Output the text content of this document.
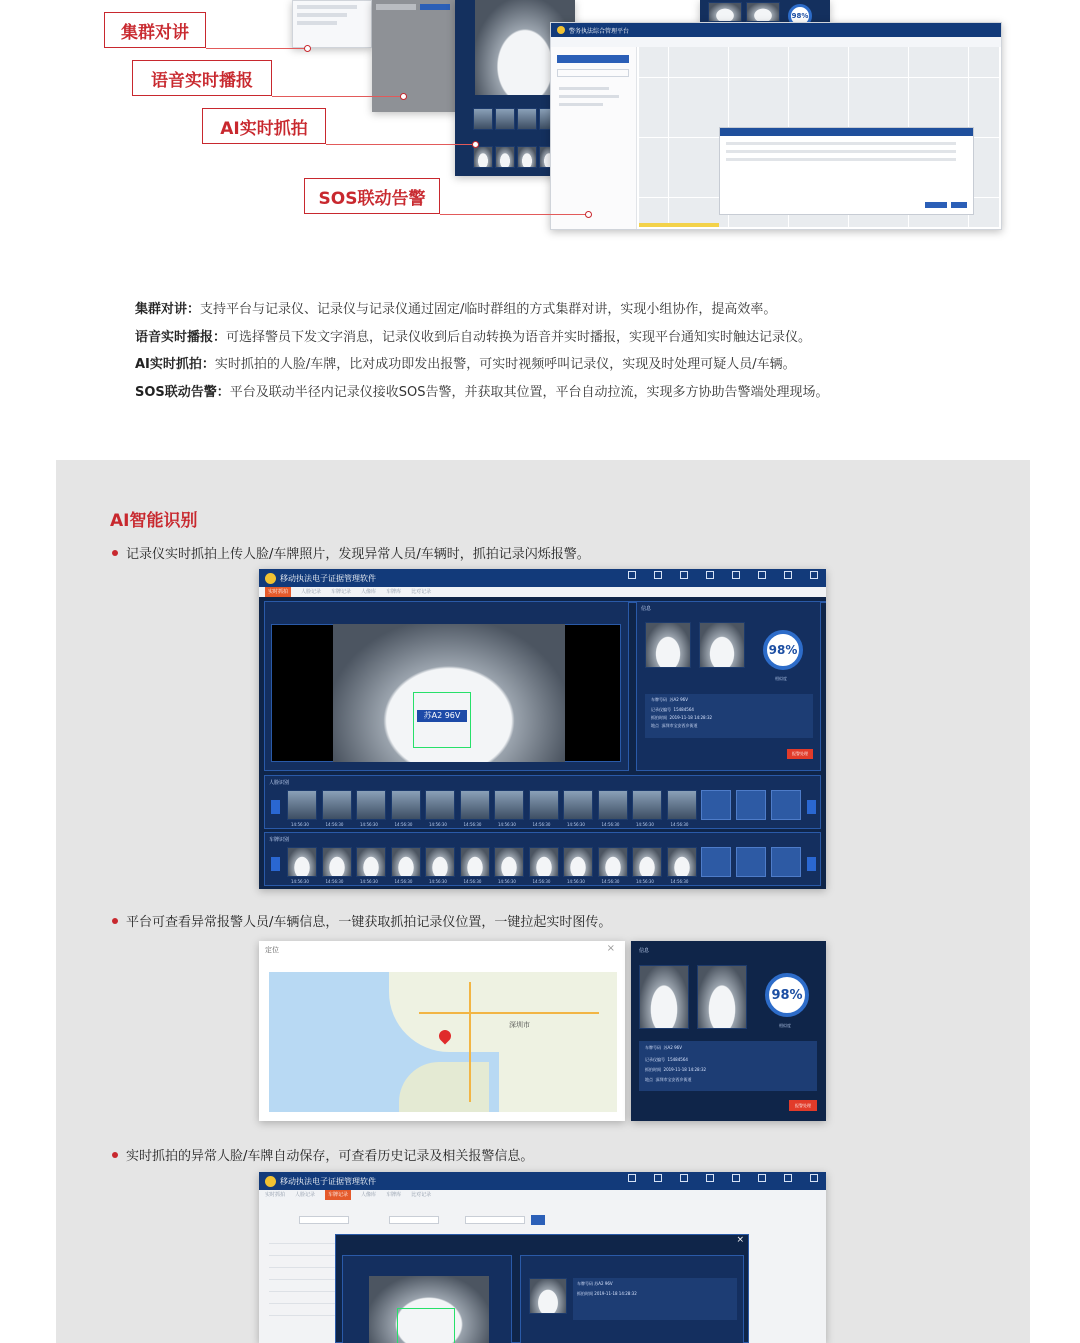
98%
警务执法综合管理平台
集群对讲
语音实时播报
AI实时抓拍
SOS联动告警
集群对讲：支持平台与记录仪、记录仪与记录仪通过固定/临时群组的方式集群对讲，实现小组协作，提高效率。
语音实时播报：可选择警员下发文字消息，记录仪收到后自动转换为语音并实时播报，实现平台通知实时触达记录仪。
AI实时抓拍：实时抓拍的人脸/车牌，比对成功即发出报警，可实时视频呼叫记录仪，实现及时处理可疑人员/车辆。
SOS联动告警：平台及联动半径内记录仪接收SOS告警，并获取其位置，平台自动拉流，实现多方协助告警端处理现场。
AI智能识别
记录仪实时抓拍上传人脸/车牌照片，发现异常人员/车辆时，抓拍记录闪烁报警。
移动执法电子证据管理软件
实时抓拍	人脸记录 车牌记录 人像库 车牌库 比对记录
苏A2 96V
信息
98%
相似度
车牌号码 苏A2 96V
记录仪编号 15484564
抓拍时间 2019-11-18 14:28:32
地点 深圳市宝安西乡街道
报警处理
人脸识别
14:56:30	14:56:30	14:56:30	14:56:30	14:56:30	14:56:30	14:56:30	14:56:30	14:56:30	14:56:30	14:56:30	14:56:30
车牌识别
14:56:30	14:56:30	14:56:30	14:56:30	14:56:30	14:56:30	14:56:30	14:56:30	14:56:30	14:56:30	14:56:30	14:56:30
平台可查看异常报警人员/车辆信息，一键获取抓拍记录仪位置，一键拉起实时图传。
定位	×
深圳市
信息
98%
相似度
车牌号码 苏A2 96V
记录仪编号 15484564
抓拍时间 2019-11-18 14:28:32
地点 深圳市宝安西乡街道
报警处理
实时抓拍的异常人脸/车牌自动保存，可查看历史记录及相关报警信息。
移动执法电子证据管理软件
实时抓拍 人脸记录	车牌记录	人像库 车牌库 比对记录
×
车牌号码 苏A2 96V
抓拍时间 2019-11-18 14:28:32
